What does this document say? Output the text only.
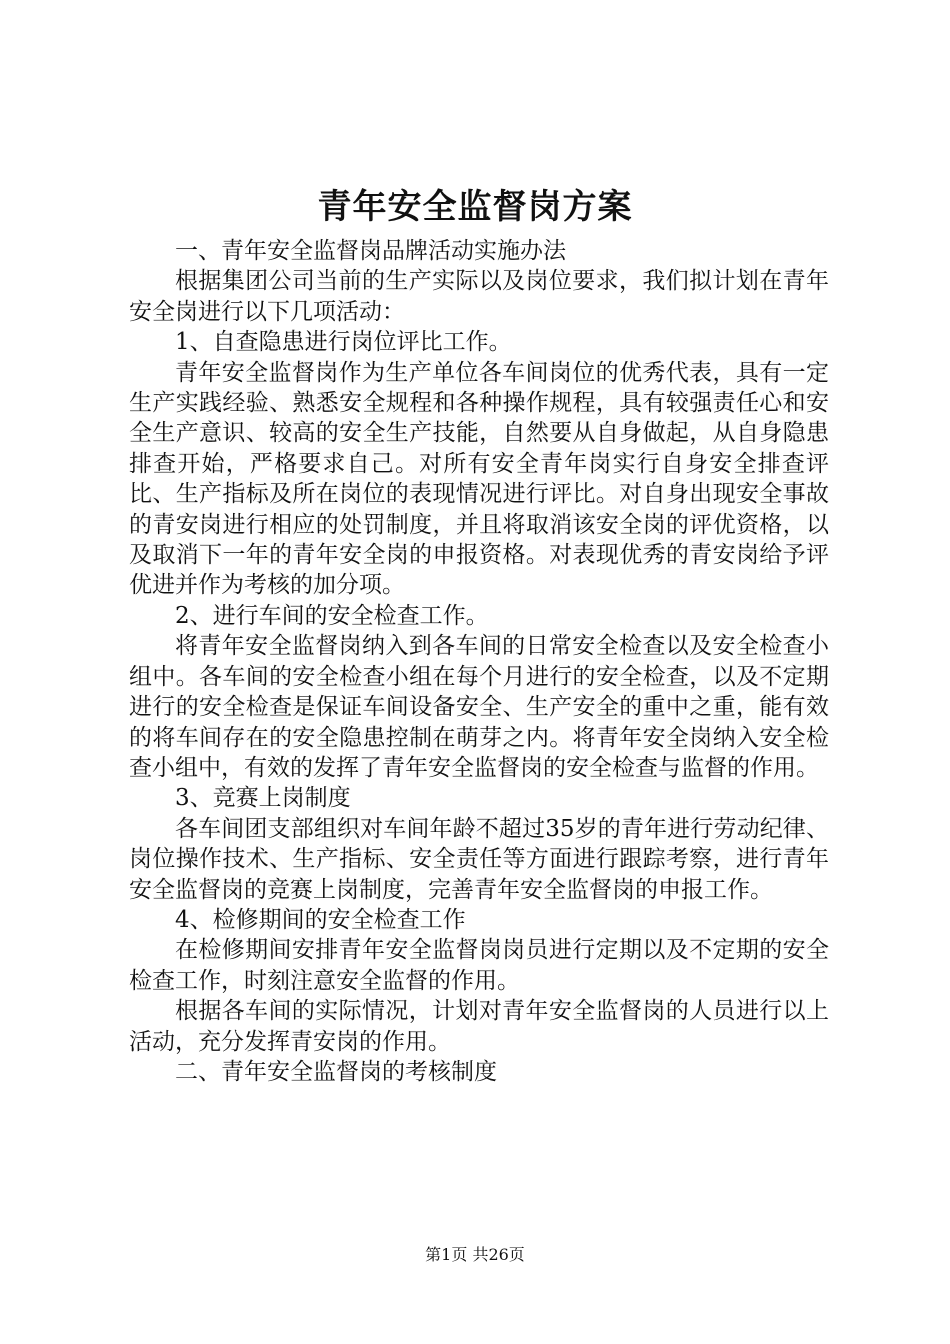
青年安全监督岗方案

一、青年安全监督岗品牌活动实施办法

根据集团公司当前的生产实际以及岗位要求，我们拟计划在青年安全岗进行以下几项活动：

1、自查隐患进行岗位评比工作。

青年安全监督岗作为生产单位各车间岗位的优秀代表，具有一定生产实践经验、熟悉安全规程和各种操作规程，具有较强责任心和安全生产意识、较高的安全生产技能，自然要从自身做起，从自身隐患排查开始，严格要求自己。对所有安全青年岗实行自身安全排查评比、生产指标及所在岗位的表现情况进行评比。对自身出现安全事故的青安岗进行相应的处罚制度，并且将取消该安全岗的评优资格，以及取消下一年的青年安全岗的申报资格。对表现优秀的青安岗给予评优进并作为考核的加分项。

2、进行车间的安全检查工作。

将青年安全监督岗纳入到各车间的日常安全检查以及安全检查小组中。各车间的安全检查小组在每个月进行的安全检查，以及不定期进行的安全检查是保证车间设备安全、生产安全的重中之重，能有效的将车间存在的安全隐患控制在萌芽之内。将青年安全岗纳入安全检查小组中，有效的发挥了青年安全监督岗的安全检查与监督的作用。

3、竞赛上岗制度

各车间团支部组织对车间年龄不超过35岁的青年进行劳动纪律、岗位操作技术、生产指标、安全责任等方面进行跟踪考察，进行青年安全监督岗的竞赛上岗制度，完善青年安全监督岗的申报工作。

4、检修期间的安全检查工作

在检修期间安排青年安全监督岗岗员进行定期以及不定期的安全检查工作，时刻注意安全监督的作用。

根据各车间的实际情况，计划对青年安全监督岗的人员进行以上活动，充分发挥青安岗的作用。

二、青年安全监督岗的考核制度

第1页 共26页
